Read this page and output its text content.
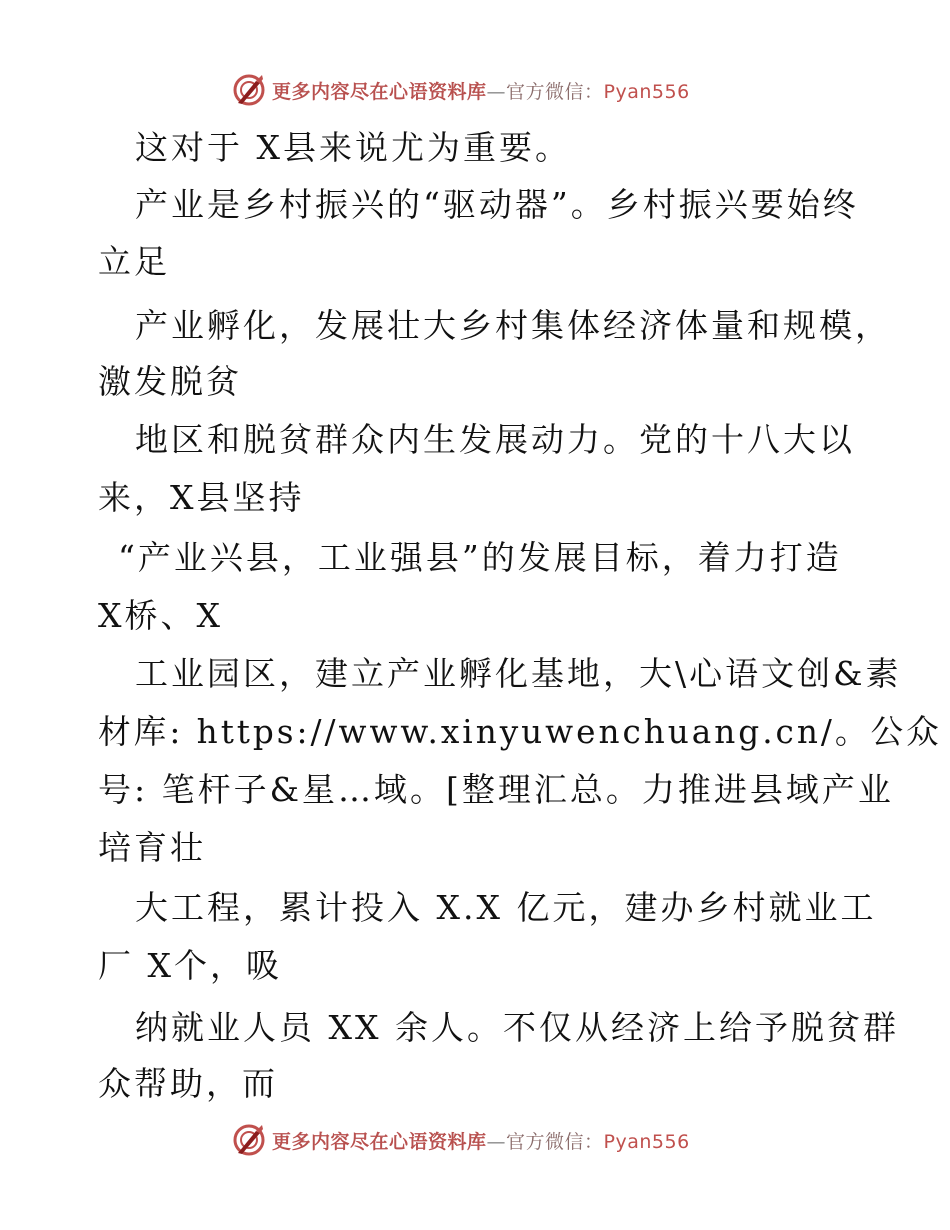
更多内容尽在心语资料库—官方微信：Pyan556
这对于 X县来说尤为重要。
产业是乡村振兴的“驱动器”。乡村振兴要始终
立足
产业孵化，发展壮大乡村集体经济体量和规模，
激发脱贫
地区和脱贫群众内生发展动力。党的十八大以
来，X县坚持
“产业兴县，工业强县”的发展目标，着力打造
X桥、X
工业园区，建立产业孵化基地，大\心语文创&素
材库: https://www.xinyuwenchuang.cn/。公众
号: 笔杆子&星…域。[整理汇总。力推进县域产业
培育壮
大工程，累计投入 X.X 亿元，建办乡村就业工
厂 X个，吸
纳就业人员 XX 余人。不仅从经济上给予脱贫群
众帮助，而
更多内容尽在心语资料库—官方微信：Pyan556
